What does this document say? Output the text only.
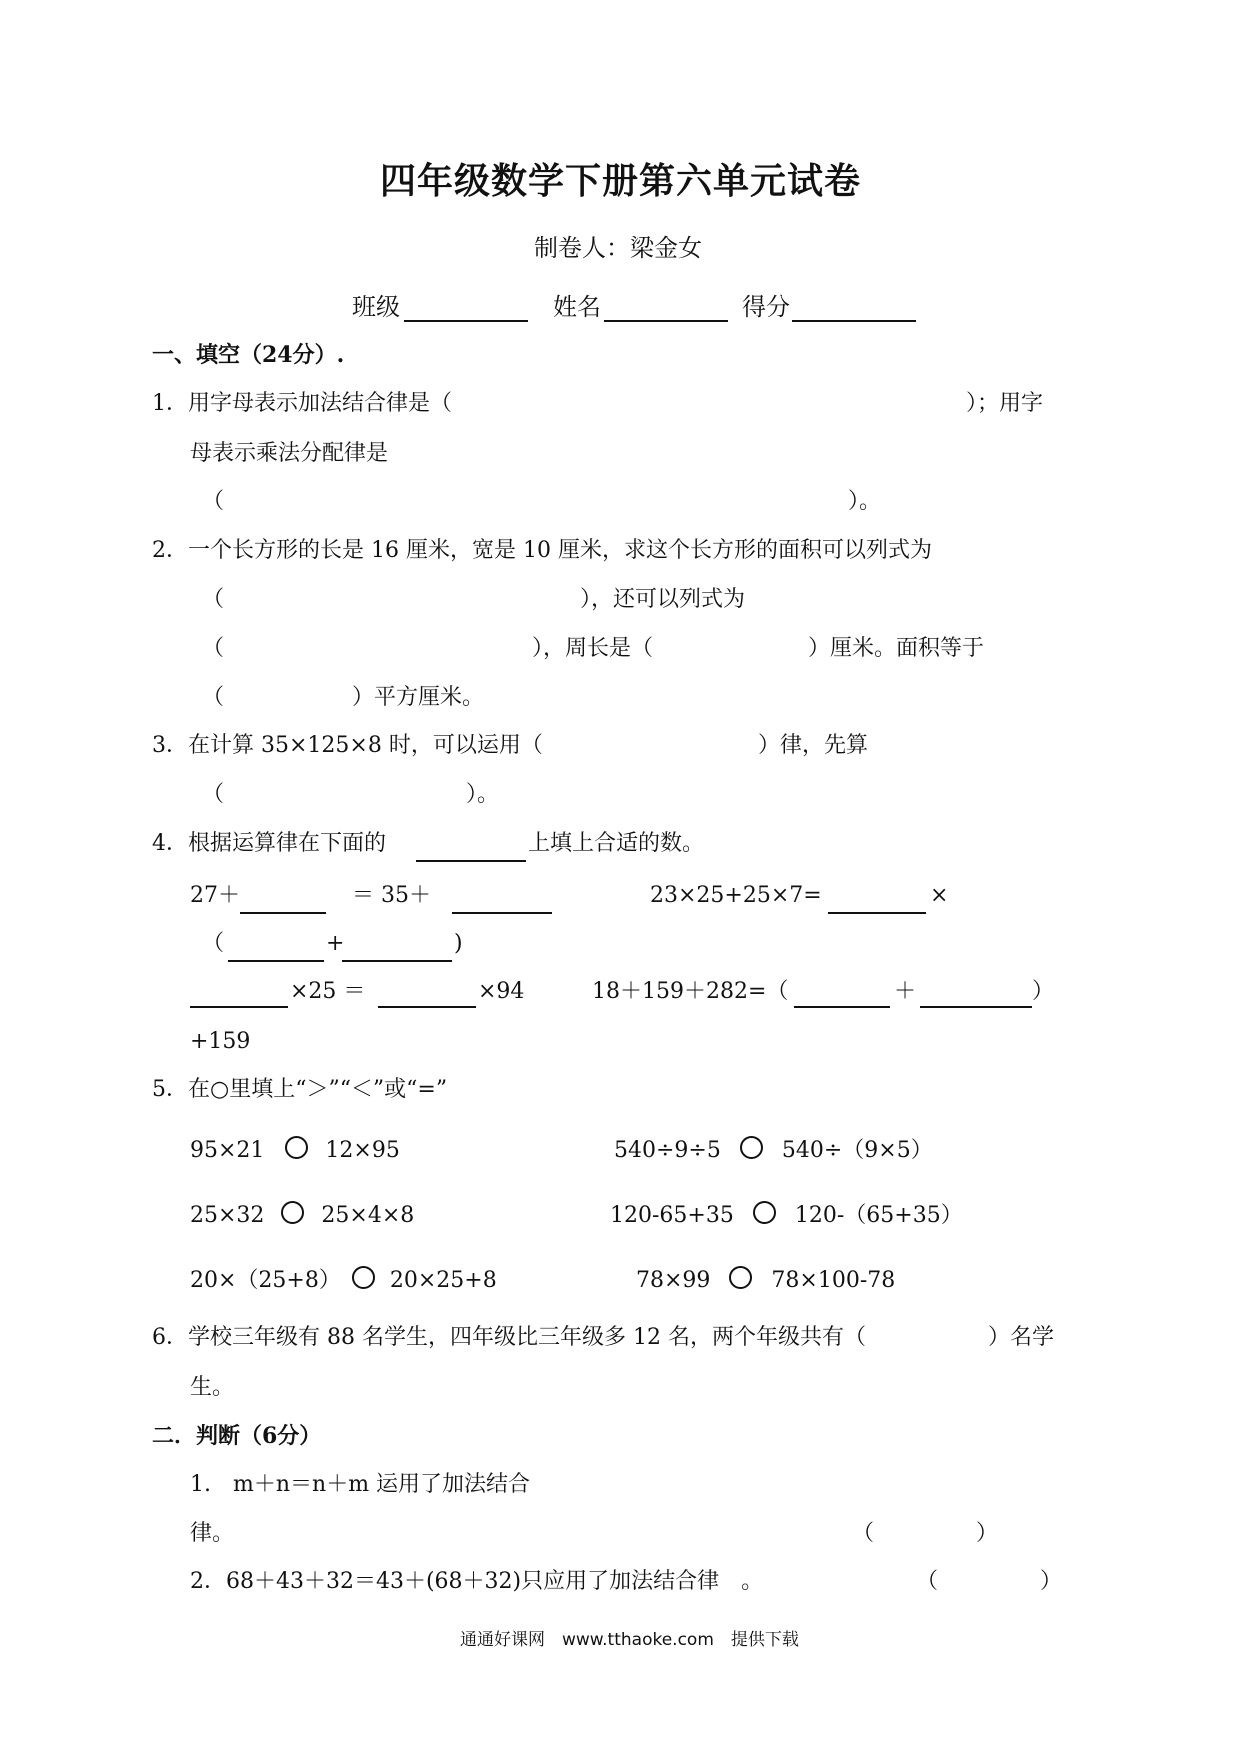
四年级数学下册第六单元试卷
制卷人：梁金女
班级	姓名	得分
一、填空（24分）.
1．用字母表示加法结合律是（	）；用字
母表示乘法分配律是
（	）。
2．一个长方形的长是 16 厘米，宽是 10 厘米，求这个长方形的面积可以列式为
（	），还可以列式为
（	），周长是（	）厘米。面积等于
（	）平方厘米。
3．在计算 35×125×8 时，可以运用（	）律，先算
（	）。
4．根据运算律在下面的	上填上合适的数。
27＋	＝ 35＋	23×25+25×7=	×
（	+	)
×25 ＝	×94	18＋159＋282=（	＋	）
+159
5．在○里填上“＞”“＜”或“=”
95×21	12×95	540÷9÷5	540÷（9×5）
25×32	25×4×8	120-65+35	120-（65+35）
20×（25+8） 20×25+8	78×99	78×100-78
6．学校三年级有 88 名学生，四年级比三年级多 12 名，两个年级共有（	）名学
生。
二．判断（6分）
1.　m＋n＝n＋m 运用了加法结合
律。	（	）
2．68＋43＋32＝43＋(68＋32)只应用了加法结合律　。	（	）
通通好课网　www.tthaoke.com　提供下载
